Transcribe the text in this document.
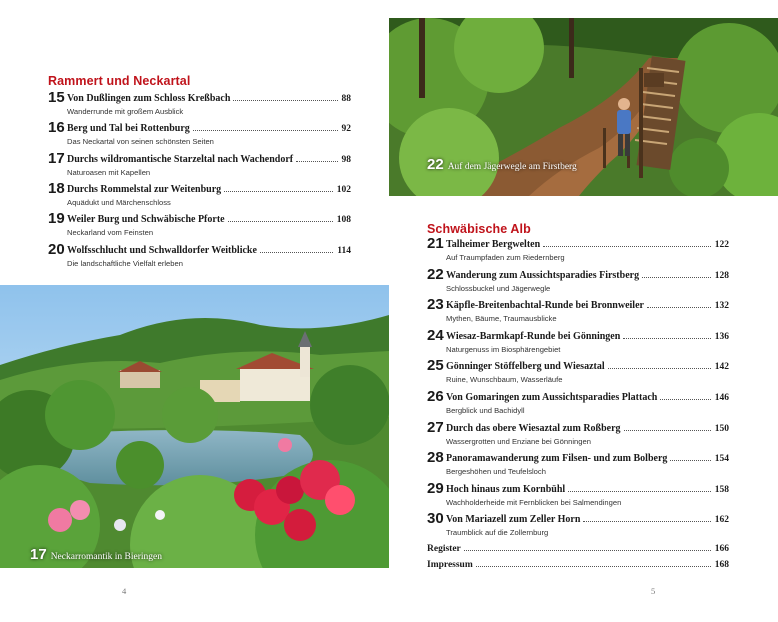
Rammert und Neckartal
15 Von Dußlingen zum Schloss Kreßbach	88
Wanderrunde mit großem Ausblick
16 Berg und Tal bei Rottenburg	92
Das Neckartal von seinen schönsten Seiten
17 Durchs wildromantische Starzeltal nach Wachendorf	98
Naturoasen mit Kapellen
18 Durchs Rommelstal zur Weitenburg	102
Aquädukt und Märchenschloss
19 Weiler Burg und Schwäbische Pforte	108
Neckarland vom Feinsten
20 Wolfsschlucht und Schwalldorfer Weitblicke	114
Die landschaftliche Vielfalt erleben
17 Neckarromantik in Bieringen
4
22 Auf dem Jägerwegle am Firstberg
Schwäbische Alb
21 Talheimer Bergwelten	122
Auf Traumpfaden zum Riedernberg
22 Wanderung zum Aussichtsparadies Firstberg	128
Schlossbuckel und Jägerwegle
23 Käpfle-Breitenbachtal-Runde bei Bronnweiler	132
Mythen, Bäume, Traumausblicke
24 Wiesaz-Barmkapf-Runde bei Gönningen	136
Naturgenuss im Biosphärengebiet
25 Gönninger Stöffelberg und Wiesaztal	142
Ruine, Wunschbaum, Wasserläufe
26 Von Gomaringen zum Aussichtsparadies Plattach	146
Bergblick und Bachidyll
27 Durch das obere Wiesaztal zum Roßberg	150
Wassergrotten und Enziane bei Gönningen
28 Panoramawanderung zum Filsen- und zum Bolberg	154
Bergeshöhen und Teufelsloch
29 Hoch hinaus zum Kornbühl	158
Wachholderheide mit Fernblicken bei Salmendingen
30 Von Mariazell zum Zeller Horn	162
Traumblick auf die Zollernburg
Register	166
Impressum	168
5
